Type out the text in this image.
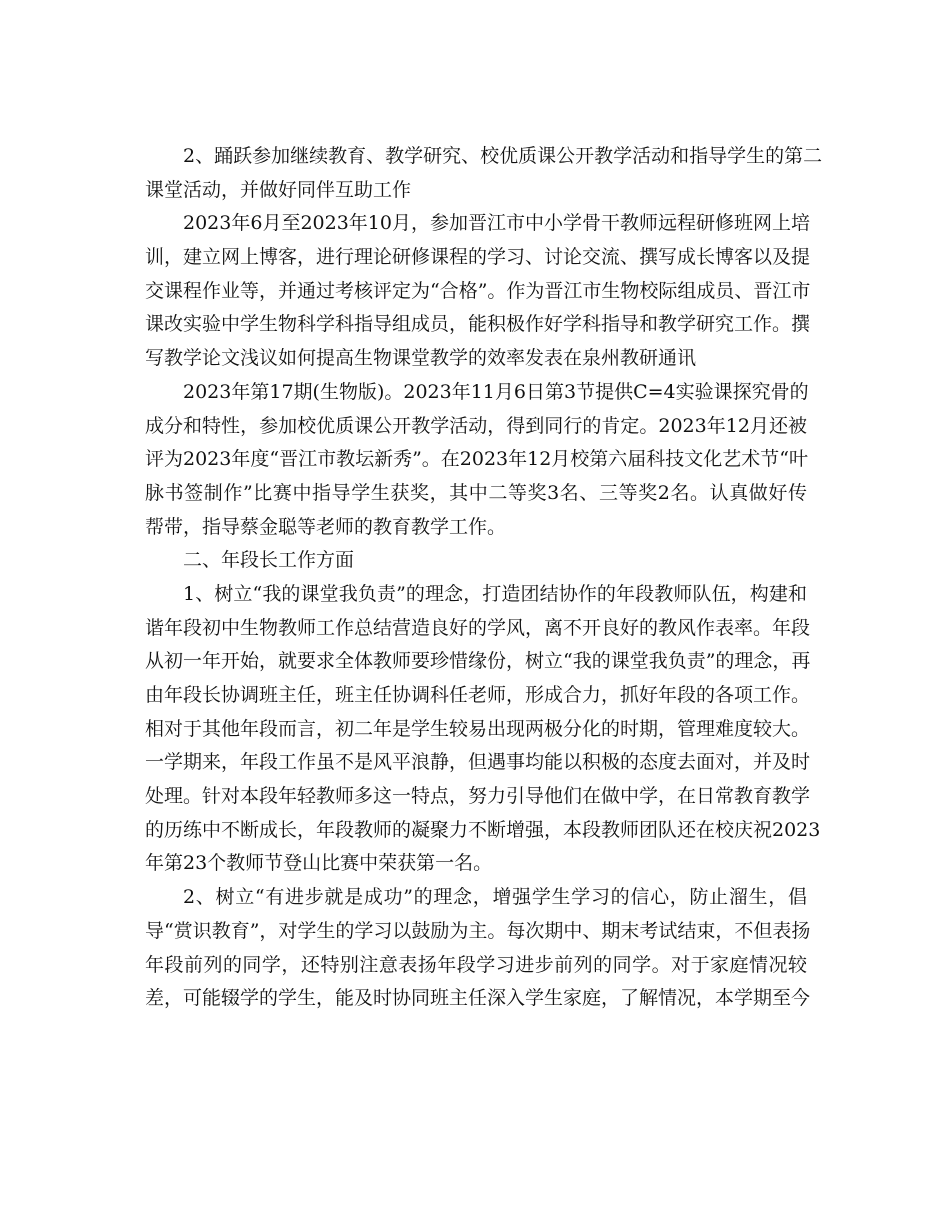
2、踊跃参加继续教育、教学研究、校优质课公开教学活动和指导学生的第二
课堂活动，并做好同伴互助工作
2023年6月至2023年10月，参加晋江市中小学骨干教师远程研修班网上培
训，建立网上博客，进行理论研修课程的学习、讨论交流、撰写成长博客以及提
交课程作业等，并通过考核评定为“合格”。作为晋江市生物校际组成员、晋江市
课改实验中学生物科学科指导组成员，能积极作好学科指导和教学研究工作。撰
写教学论文浅议如何提高生物课堂教学的效率发表在泉州教研通讯
2023年第17期(生物版)。2023年11月6日第3节提供C=4实验课探究骨的
成分和特性，参加校优质课公开教学活动，得到同行的肯定。2023年12月还被
评为2023年度“晋江市教坛新秀”。在2023年12月校第六届科技文化艺术节“叶
脉书签制作”比赛中指导学生获奖，其中二等奖3名、三等奖2名。认真做好传
帮带，指导蔡金聪等老师的教育教学工作。
二、年段长工作方面
1、树立“我的课堂我负责”的理念，打造团结协作的年段教师队伍，构建和
谐年段初中生物教师工作总结营造良好的学风，离不开良好的教风作表率。年段
从初一年开始，就要求全体教师要珍惜缘份，树立“我的课堂我负责”的理念，再
由年段长协调班主任，班主任协调科任老师，形成合力，抓好年段的各项工作。
相对于其他年段而言，初二年是学生较易出现两极分化的时期，管理难度较大。
一学期来，年段工作虽不是风平浪静，但遇事均能以积极的态度去面对，并及时
处理。针对本段年轻教师多这一特点，努力引导他们在做中学，在日常教育教学
的历练中不断成长，年段教师的凝聚力不断增强，本段教师团队还在校庆祝2023
年第23个教师节登山比赛中荣获第一名。
2、树立“有进步就是成功”的理念，增强学生学习的信心，防止溜生，倡
导“赏识教育”，对学生的学习以鼓励为主。每次期中、期末考试结束，不但表扬
年段前列的同学，还特别注意表扬年段学习进步前列的同学。对于家庭情况较
差，可能辍学的学生，能及时协同班主任深入学生家庭，了解情况，本学期至今
